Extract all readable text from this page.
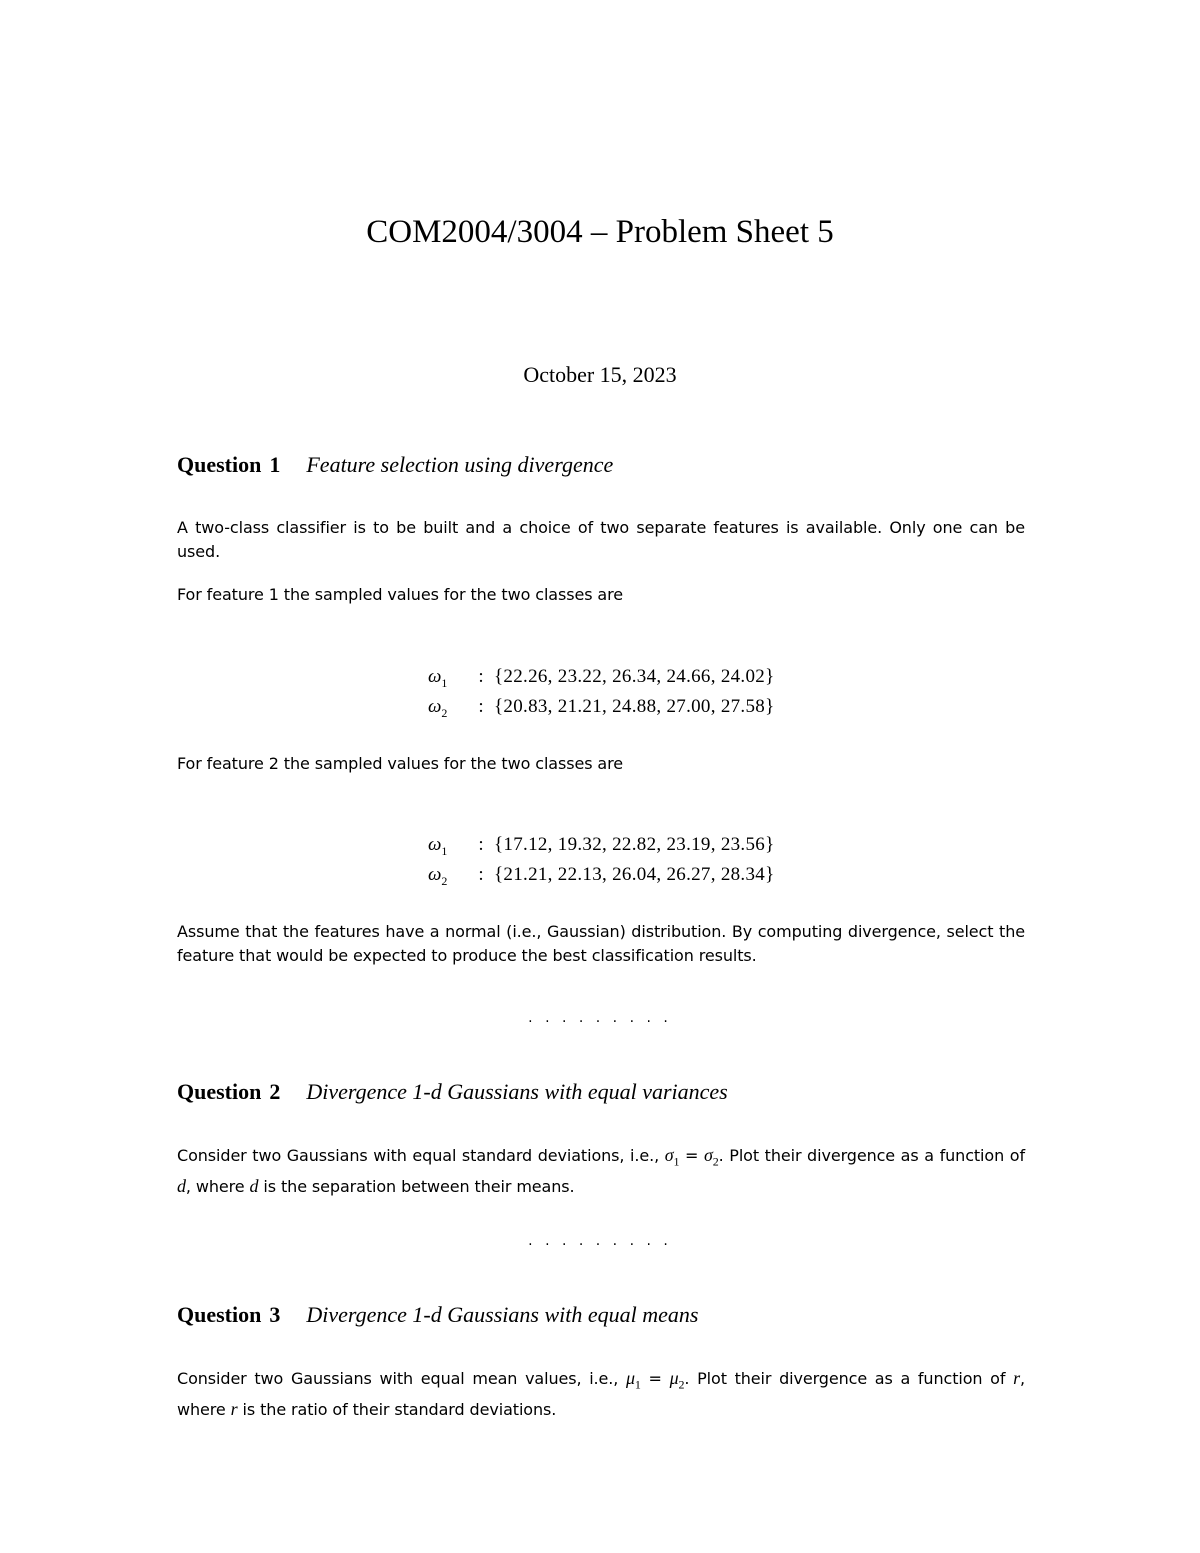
COM2004/3004 – Problem Sheet 5
October 15, 2023
Question 1 Feature selection using divergence
A two-class classifier is to be built and a choice of two separate features is available. Only one can be used.
For feature 1 the sampled values for the two classes are
$\omega_1$	: {22.26, 23.22, 26.34, 24.66, 24.02}
$\omega_2$	: {20.83, 21.21, 24.88, 27.00, 27.58}
For feature 2 the sampled values for the two classes are
$\omega_1$	: {17.12, 19.32, 22.82, 23.19, 23.56}
$\omega_2$	: {21.21, 22.13, 26.04, 26.27, 28.34}
Assume that the features have a normal (i.e., Gaussian) distribution. By computing divergence, select the feature that would be expected to produce the best classification results.
· · · · · · · · ·
Question 2 Divergence 1-d Gaussians with equal variances
Consider two Gaussians with equal standard deviations, i.e., $\sigma_1 = \sigma_2$. Plot their divergence as a function of d, where d is the separation between their means.
· · · · · · · · ·
Question 3 Divergence 1-d Gaussians with equal means
Consider two Gaussians with equal mean values, i.e., $\mu_1 = \mu_2$. Plot their divergence as a function of r, where r is the ratio of their standard deviations.
